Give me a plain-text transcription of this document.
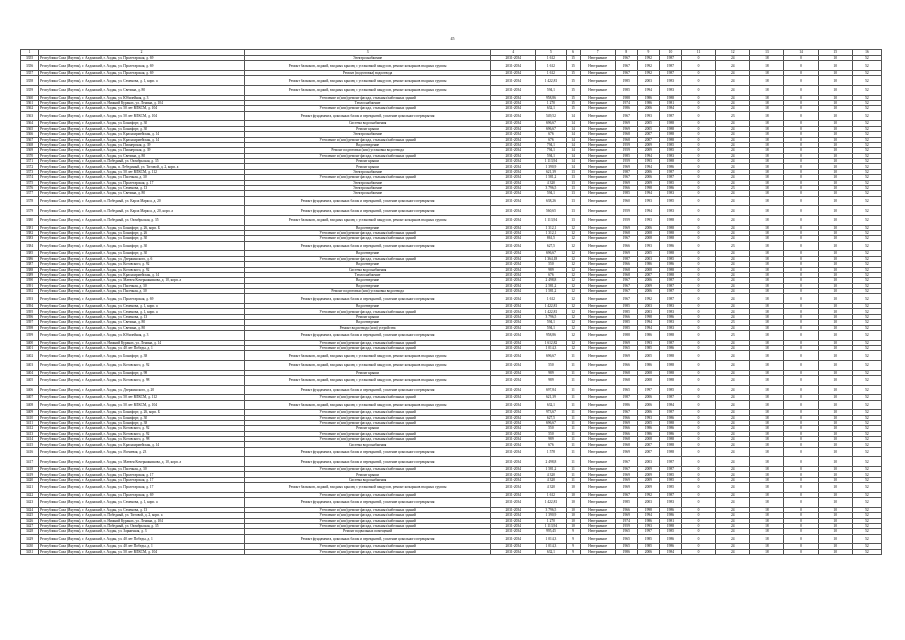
45
1	2	3	4	5	6	7	8	9	10	11	12	13	14	15	16
3355	Республика Саха (Якутия), г. Алданский, г. Алдан, ул. Пролетарская, д. 69	Электроснабжение	2031-2034	1 612	15	Неотрывное	1967	1992	1987	0	24	18	0	10	52
3356	Республика Саха (Якутия), г. Алданский, г. Алдан, ул. Пролетарская, д. 69	Ремонт балконов, лоджий, входных крылец с установкой пандусов, ремонт козырьков входных группы	2031-2034	1 612	15	Неотрывное	1967	1992	1987	0	24	18	0	10	52
3357	Республика Саха (Якутия), г. Алданский, г. Алдан, ул. Пролетарская, д. 69	Ремонт (подготовка) водоотвода	2031-2034	1 612	15	Неотрывное	1967	1992	1987	0	24	18	0	10	52
3358	Республика Саха (Якутия), г. Алданский, г. Алдан, ул. Семенова, д. 1, корп. а	Ремонт балконов, лоджий, входных крылец с установкой пандусов, ремонт козырьков входных группы	2031-2034	1 422,81	15	Неотрывное	1985	2003	1983	0	24	18	0	10	52
3359	Республика Саха (Якутия), г. Алданский, г. Алдан, ул. Свечина, д. 80	Ремонт балконов, лоджий, входных крылец с установкой пандусов, ремонт козырьков входных группы	2031-2034	594,1	15	Неотрывное	1985	1994	1983	0	24	18	0	10	52
3360	Республика Саха (Якутия), г. Алданский, г. Алдан, ул. Юбилейная, д. 3	Утепление и (или) ремонт фасада, стальных/кабельных зданий	2031-2034	958,86	15	Неотрывное	1988	1986	1988	0	24	18	0	10	52
3361	Республика Саха (Якутия), г. Алданский, п. Нижний Куранах, ул. Ленина, д. 104	Теплоснабжение	2031-2034	1 270	15	Неотрывное	1974	1986	1981	0	24	18	0	10	52
3362	Республика Саха (Якутия), г. Алданский, г. Алдан, ул. 50 лет ВЛКСМ, д. 104	Утепление и (или) ремонт фасада, стальных/кабельных зданий	2031-2034	632,1	15	Неотрывное	1986	2006	1984	0	24	18	0	10	52
3363	Республика Саха (Якутия), г. Алданский, г. Алдан, ул. 50 лет ВЛКСМ, д. 104	Ремонт фундамента, цокольных балок и перекрытий, усиление цокольного перекрытия	2031-2034	549,52	14	Неотрывное	1967	1993	1987	0	23	18	0	10	52
3364	Республика Саха (Якутия), г. Алданский, г. Алдан, ул. Бонифорт, д. 30	Система водоснабжения	2031-2034	696,67	14	Неотрывное	1969	2005	1988	0	24	18	0	10	52
3365	Республика Саха (Якутия), г. Алданский, г. Алдан, ул. Бонифорт, д. 30	Ремонт крыши	2031-2034	696,67	14	Неотрывное	1969	2005	1988	0	24	18	0	10	52
3366	Республика Саха (Якутия), г. Алданский, г. Алдан, ул. Красноармейская, д. 14	Электроснабжение	2031-2034	676	14	Неотрывное	1968	2007	1988	0	24	18	0	10	52
3367	Республика Саха (Якутия), г. Алданский, г. Алдан, ул. Красноармейская, д. 14	Утепление и (или) ремонт фасада, стальных/кабельных зданий	2031-2034	676	14	Неотрывное	1968	2007	1988	0	24	18	0	10	52
3368	Республика Саха (Якутия), г. Алданский, г. Алдан, ул. Пионерская, д. 39	Водоотведение	2031-2034	794,1	14	Неотрывное	1959	2009	1985	0	24	18	0	10	52
3369	Республика Саха (Якутия), г. Алданский, г. Алдан, ул. Пионерская, д. 39	Ремонт подготовки (или) установка водоотвода	2031-2034	794,1	14	Неотрывное	1959	2009	1985	0	24	18	0	10	52
3370	Республика Саха (Якутия), г. Алданский, г. Алдан, ул. Свечина, д. 80	Утепление и (или) ремонт фасада, стальных/кабельных зданий	2031-2034	594,1	14	Неотрывное	1985	1994	1983	0	24	18	0	10	52
3371	Республика Саха (Якутия), г. Алданский, п. Победный, ул. Октябрьская, д. 35	Ремонт крыши	2031-2034	1 113,94	14	Неотрывное	1959	1993	1988	0	24	18	0	10	52
3372	Республика Саха (Якутия), г. Алданский, г. Алдан, п. Лебединый, ул. Титовой, д. 2, корп. а	Ремонт крыши	2031-2034	1 390,9	14	Неотрывное	1969	1994	1986	0	24	18	0	10	52
3373	Республика Саха (Якутия), г. Алданский, г. Алдан, ул. 50 лет ВЛКСМ, д. 112	Электроснабжение	2031-2034	621,39	13	Неотрывное	1987	2006	1987	0	24	18	0	10	52
3374	Республика Саха (Якутия), г. Алданский, г. Алдан, ул. Пасечная, д. 30	Утепление и (или) ремонт фасада, стальных/кабельных зданий	2031-2034	1 581,2	13	Неотрывное	1967	2006	1987	0	24	18	0	10	52
3375	Республика Саха (Якутия), г. Алданский, г. Алдан, ул. Пролетарская, д. 17	Электроснабжение	2031-2034	4 320	13	Неотрывное	1969	2009	1985	0	24	18	0	10	52
3376	Республика Саха (Якутия), г. Алданский, г. Алдан, ул. Семенова, д. 13	Электроснабжение	2031-2034	3 796,5	13	Неотрывное	1966	1998	1986	0	23	18	0	10	52
3377	Республика Саха (Якутия), г. Алданский, г. Алдан, ул. Свечина, д. 80	Электроснабжение	2031-2034	594,1	13	Неотрывное	1985	1994	1983	0	24	18	0	10	52
3378	Республика Саха (Якутия), г. Алданский, п. Победный, ул. Карла Маркса, д. 20	Ремонт фундамента, цокольных балок и перекрытий, усиление цокольного перекрытия	2031-2034	638,26	13	Неотрывное	1960	1993	1985	0	24	18	0	10	52
3379	Республика Саха (Якутия), г. Алданский, п. Победный, ул. Карла Маркса, д. 20, корп. а	Ремонт фундамента, цокольных балок и перекрытий, усиление цокольного перекрытия	2031-2034	560,65	13	Неотрывное	1959	1994	1983	0	24	18	0	10	52
3380	Республика Саха (Якутия), г. Алданский, п. Победный, ул. Октябрьская, д. 35	Ремонт балконов, лоджий, входных крылец с установкой пандусов, ремонт козырьков входных группы	2031-2034	1 113,94	13	Неотрывное	1959	1993	1988	0	24	18	0	10	52
3381	Республика Саха (Якутия), г. Алданский, г. Алдан, ул. Бонифорт, д. 26, корп. Б	Водоотведение	2031-2034	1 312,1	12	Неотрывное	1969	2006	1988	0	24	18	0	10	52
3382	Республика Саха (Якутия), г. Алданский, г. Алдан, ул. Бонифорт, д. 26	Утепление и (или) ремонт фасада, стальных/кабельных зданий	2031-2034	1 312,1	12	Неотрывное	1968	2008	1988	0	24	18	0	10	52
3383	Республика Саха (Якутия), г. Алданский, г. Алдан, ул. Бонифорт, д. 30	Утепление и (или) ремонт фасада, стальных/кабельных зданий	2031-2034	861,5	12	Неотрывное	1967	2008	1988	0	24	18	0	10	52
3384	Республика Саха (Якутия), г. Алданский, г. Алдан, ул. Бонифорт, д. 30	Ремонт фундамента, цокольных балок и перекрытий, усиление цокольного перекрытия	2031-2034	627,5	12	Неотрывное	1966	1993	1986	0	23	18	0	10	52
3385	Республика Саха (Якутия), г. Алданский, г. Алдан, ул. Бонифорт, д. 30	Водоотведение	2031-2034	696,67	12	Неотрывное	1969	2005	1988	0	24	18	0	10	52
3386	Республика Саха (Якутия), г. Алданский, г. Алдан, ул. Дзержинского, д. 6	Утепление и (или) ремонт фасада, стальных/кабельных зданий	2031-2034	1 364,18	12	Неотрывное	1987	2003	1985	0	24	18	0	10	52
3387	Республика Саха (Якутия), г. Алданский, г. Алдан, ул. Котовского, д. 92	Водоотведение	2031-2034	550	12	Неотрывное	1966	1986	1986	0	24	18	0	10	52
3388	Республика Саха (Якутия), г. Алданский, г. Алдан, ул. Котовского, д. 92	Система водоснабжения	2031-2034	989	12	Неотрывное	1968	2008	1988	0	24	18	0	10	52
3389	Республика Саха (Якутия), г. Алданский, г. Алдан, ул. Красноармейская, д. 14	Теплоснабжение	2031-2034	676	12	Неотрывное	1968	2007	1988	0	24	18	0	10	52
3390	Республика Саха (Якутия), г. Алданский, г. Алдан, ул. Матвея Кочерыжникова, д. 10, корп. а	Водоотведение	2031-2034	2 498,8	12	Неотрывное	1967	2006	1987	0	24	18	0	10	52
3391	Республика Саха (Якутия), г. Алданский, г. Алдан, ул. Пасечная, д. 30	Водоотведение	2031-2034	2 581,2	12	Неотрывное	1967	2009	1987	0	24	18	0	10	52
3392	Республика Саха (Якутия), г. Алданский, г. Алдан, ул. Пасечная, д. 30	Ремонт подготовки (или) установка водоотвода	2031-2034	1 581,2	12	Неотрывное	1967	2006	1987	0	24	18	0	10	52
3393	Республика Саха (Якутия), г. Алданский, г. Алдан, ул. Пролетарская, д. 69	Ремонт фундамента, цокольных балок и перекрытий, усиление цокольного перекрытия	2031-2034	1 612	12	Неотрывное	1967	1992	1987	0	24	18	0	10	52
3394	Республика Саха (Якутия), г. Алданский, г. Алдан, ул. Семенова, д. 1, корп. а	Водоотведение	2031-2034	1 422,81	12	Неотрывное	1985	2003	1983	0	24	18	0	10	52
3395	Республика Саха (Якутия), г. Алданский, г. Алдан, ул. Семенова, д. 1, корп. а	Утепление и (или) ремонт фасада, стальных/кабельных зданий	2031-2034	1 422,81	12	Неотрывное	1985	2003	1983	0	24	18	0	10	52
3396	Республика Саха (Якутия), г. Алданский, г. Алдан, ул. Семенова, д. 13	Ремонт крыши	2031-2034	3 796,5	12	Неотрывное	1966	1998	1986	0	24	18	0	10	52
3397	Республика Саха (Якутия), г. Алданский, г. Алдан, ул. Свечина, д. 80	Водоотведение	2031-2034	594,1	12	Неотрывное	1985	1994	1983	0	23	18	0	10	52
3398	Республика Саха (Якутия), г. Алданский, г. Алдан, ул. Свечина, д. 80	Ремонт водоотвода (или) устройства	2031-2034	594,1	12	Неотрывное	1985	1994	1983	0	24	18	0	10	52
3399	Республика Саха (Якутия), г. Алданский, г. Алдан, ул. Юбилейная, д. 3	Ремонт фундамента, цокольных балок и перекрытий, усиление цокольного перекрытия	2031-2034	958,86	12	Неотрывное	1988	1986	1988	0	23	18	0	10	52
3400	Республика Саха (Якутия), г. Алданский, п. Нижний Куранах, ул. Ленина, д. 14	Утепление и (или) ремонт фасада, стальных/кабельных зданий	2031-2034	1 612,82	12	Неотрывное	1969	1993	1987	0	24	18	0	10	52
3401	Республика Саха (Якутия), г. Алданский, г. Алдан, ул. 40 лет Победы, д. 1	Утепление и (или) ремонт фасада, стальных/кабельных зданий	2031-2034	1 014,3	12	Неотрывное	1965	1985	1986	0	24	18	0	10	52
3402	Республика Саха (Якутия), г. Алданский, г. Алдан, ул. Бонифорт, д. 38	Ремонт балконов, лоджий, входных крылец с установкой пандусов, ремонт козырьков входных группы	2031-2034	696,67	11	Неотрывное	1969	2005	1988	0	24	18	0	10	52
3403	Республика Саха (Якутия), г. Алданский, г. Алдан, ул. Котовского, д. 92	Ремонт балконов, лоджий, входных крылец с установкой пандусов, ремонт козырьков входных группы	2031-2034	550	11	Неотрывное	1966	1986	1988	0	24	18	0	10	52
3404	Республика Саха (Якутия), г. Алданский, г. Алдан, ул. Бонифорт, д. 98	Ремонт крыши	2031-2034	989	11	Неотрывное	1968	2008	1988	0	24	18	0	10	52
3405	Республика Саха (Якутия), г. Алданский, г. Алдан, ул. Котовского, д. 98	Ремонт балконов, лоджий, входных крылец с установкой пандусов, ремонт козырьков входных группы	2031-2034	989	11	Неотрывное	1968	2008	1988	0	24	18	0	10	52
3406	Республика Саха (Якутия), г. Алданский, г. Алдан, ул. Дзержинского, д. 20	Ремонт фундамента, цокольных балок и перекрытий, усиление цокольного перекрытия	2031-2034	697,84	11	Неотрывное	1965	1997	1985	0	24	18	0	10	52
3407	Республика Саха (Якутия), г. Алданский, г. Алдан, ул. 50 лет ВЛКСМ, д. 112	Утепление и (или) ремонт фасада, стальных/кабельных зданий	2031-2034	621,39	11	Неотрывное	1987	2006	1987	0	24	18	0	10	52
3408	Республика Саха (Якутия), г. Алданский, г. Алдан, ул. 50 лет ВЛКСМ, д. 104	Ремонт балконов, лоджий, входных крылец с установкой пандусов, ремонт козырьков входных группы	2031-2034	632,1	11	Неотрывное	1986	2006	1984	0	24	18	0	10	52
3409	Республика Саха (Якутия), г. Алданский, г. Алдан, ул. Бонифорт, д. 26, корп. Б	Утепление и (или) ремонт фасада, стальных/кабельных зданий	2031-2034	973,67	11	Неотрывное	1967	2006	1987	0	24	18	0	10	52
3410	Республика Саха (Якутия), г. Алданский, г. Алдан, ул. Бонифорт, д. 30	Утепление и (или) ремонт фасада, стальных/кабельных зданий	2031-2034	627,5	11	Неотрывное	1966	1993	1986	0	24	18	0	10	52
3411	Республика Саха (Якутия), г. Алданский, г. Алдан, ул. Бонифорт, д. 38	Утепление и (или) ремонт фасада, стальных/кабельных зданий	2031-2034	696,67	11	Неотрывное	1969	2005	1988	0	24	18	0	10	52
3412	Республика Саха (Якутия), г. Алданский, г. Алдан, ул. Котовского, д. 92	Ремонт крыши	2031-2034	550	11	Неотрывное	1966	1986	1986	0	24	18	0	10	52
3413	Республика Саха (Якутия), г. Алданский, г. Алдан, ул. Котовского, д. 92	Утепление и (или) ремонт фасада, стальных/кабельных зданий	2031-2034	550	11	Неотрывное	1966	1986	1986	0	24	18	0	10	52
3414	Республика Саха (Якутия), г. Алданский, г. Алдан, ул. Котовского, д. 98	Утепление и (или) ремонт фасада, стальных/кабельных зданий	2031-2034	989	11	Неотрывное	1968	2008	1988	0	24	18	0	10	52
3415	Республика Саха (Якутия), г. Алданский, г. Алдан, ул. Красноармейская, д. 14	Система водоснабжения	2031-2034	676	11	Неотрывное	1968	2007	1988	0	24	18	0	10	52
3416	Республика Саха (Якутия), г. Алданский, г. Алдан, ул. Ясеневая, д. 23	Ремонт фундамента, цокольных балок и перекрытий, усиление цокольного перекрытия	2031-2034	1 578	11	Неотрывное	1969	2007	1988	0	24	18	0	10	52
3417	Республика Саха (Якутия), г. Алданский, г. Алдан, ул. Матвея Кочерыжникова, д. 10, корп. а	Ремонт фундамента, цокольных балок и перекрытий, усиление цокольного перекрытия	2031-2034	2 498,8	11	Неотрывное	1967	2003	1987	0	24	18	0	10	52
3418	Республика Саха (Якутия), г. Алданский, г. Алдан, ул. Пасечная, д. 30	Утепление и (или) ремонт фасада, стальных/кабельных зданий	2031-2034	1 581,2	11	Неотрывное	1967	2009	1987	0	24	18	0	10	52
3419	Республика Саха (Якутия), г. Алданский, г. Алдан, ул. Пролетарская, д. 17	Ремонт крыши	2031-2034	4 320	11	Неотрывное	1969	2009	1985	0	24	18	0	10	52
3420	Республика Саха (Якутия), г. Алданский, г. Алдан, ул. Пролетарская, д. 17	Система водоснабжения	2031-2034	4 320	11	Неотрывное	1969	2009	1985	0	24	18	0	10	52
3421	Республика Саха (Якутия), г. Алданский, г. Алдан, ул. Пролетарская, д. 17	Ремонт балконов, лоджий, входных крылец с установкой пандусов, ремонт козырьков входных группы	2031-2034	4 320	10	Неотрывное	1969	2009	1985	0	24	18	0	10	52
3422	Республика Саха (Якутия), г. Алданский, г. Алдан, ул. Пролетарская, д. 69	Утепление и (или) ремонт фасада, стальных/кабельных зданий	2031-2034	1 612	10	Неотрывное	1967	1992	1987	0	24	18	0	10	52
3423	Республика Саха (Якутия), г. Алданский, г. Алдан, ул. Семенова, д. 1, корп. а	Ремонт фундамента, цокольных балок и перекрытий, усиление цокольного перекрытия	2031-2034	1 422,81	10	Неотрывное	1985	2003	1983	0	24	18	0	10	52
3424	Республика Саха (Якутия), г. Алданский, г. Алдан, ул. Семенова, д. 13	Утепление и (или) ремонт фасада, стальных/кабельных зданий	2031-2034	3 796,5	10	Неотрывное	1966	1998	1986	0	24	18	0	10	52
3425	Республика Саха (Якутия), г. Алданский, п. Победный, ул. Титовой, д. 2, корп. а	Утепление и (или) ремонт фасада, стальных/кабельных зданий	2031-2034	1 390,9	10	Неотрывное	1969	1994	1986	0	24	18	0	10	52
3426	Республика Саха (Якутия), г. Алданский, п. Нижний Куранах, ул. Ленина, д. 104	Утепление и (или) ремонт фасада, стальных/кабельных зданий	2031-2034	1 270	10	Неотрывное	1974	1986	1981	0	24	18	0	10	52
3427	Республика Саха (Якутия), г. Алданский, п. Победный, ул. Октябрьская, д. 35	Утепление и (или) ремонт фасада, стальных/кабельных зданий	2031-2034	1 113,94	10	Неотрывное	1959	1993	1988	0	24	18	0	10	52
3428	Республика Саха (Якутия), г. Алданский, г. Алдан, ул. Зарничная, д. 3	Ремонт подвальных помещений	2031-2034	995,45	9	Неотрывное	1965	1997	1985	0	24	18	0	10	52
3429	Республика Саха (Якутия), г. Алданский, г. Алдан, ул. 40 лет Победы, д. 1	Ремонт фундамента, цокольных балок и перекрытий, усиление цокольного перекрытия	2031-2034	1 014,3	9	Неотрывное	1965	1985	1986	0	24	18	0	10	52
3430	Республика Саха (Якутия), г. Алданский, г. Алдан, ул. 40 лет Победы, д. 1	Утепление и (или) ремонт фасада, стальных/кабельных зданий	2031-2034	1 014,3	9	Неотрывное	1965	1985	1986	0	24	18	0	10	52
3431	Республика Саха (Якутия), г. Алданский, г. Алдан, ул. 50 лет ВЛКСМ, д. 104	Утепление и (или) ремонт фасада, стальных/кабельных зданий	2031-2034	632,1	9	Неотрывное	1986	2006	1984	0	24	18	0	10	52
